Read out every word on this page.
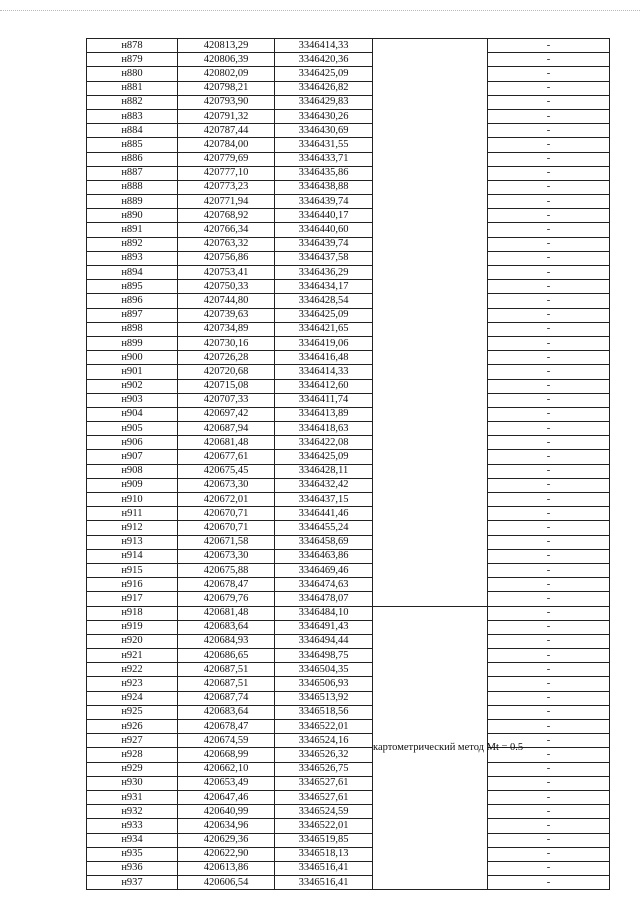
н878	420813,29	3346414,33		-
н879	420806,39	3346420,36		-
н880	420802,09	3346425,09		-
н881	420798,21	3346426,82		-
н882	420793,90	3346429,83		-
н883	420791,32	3346430,26		-
н884	420787,44	3346430,69		-
н885	420784,00	3346431,55		-
н886	420779,69	3346433,71		-
н887	420777,10	3346435,86		-
н888	420773,23	3346438,88		-
н889	420771,94	3346439,74		-
н890	420768,92	3346440,17		-
н891	420766,34	3346440,60		-
н892	420763,32	3346439,74		-
н893	420756,86	3346437,58		-
н894	420753,41	3346436,29		-
н895	420750,33	3346434,17		-
н896	420744,80	3346428,54		-
н897	420739,63	3346425,09		-
н898	420734,89	3346421,65		-
н899	420730,16	3346419,06		-
н900	420726,28	3346416,48		-
н901	420720,68	3346414,33		-
н902	420715,08	3346412,60		-
н903	420707,33	3346411,74		-
н904	420697,42	3346413,89		-
н905	420687,94	3346418,63		-
н906	420681,48	3346422,08		-
н907	420677,61	3346425,09		-
н908	420675,45	3346428,11		-
н909	420673,30	3346432,42		-
н910	420672,01	3346437,15		-
н911	420670,71	3346441,46		-
н912	420670,71	3346455,24		-
н913	420671,58	3346458,69		-
н914	420673,30	3346463,86		-
н915	420675,88	3346469,46		-
н916	420678,47	3346474,63		-
н917	420679,76	3346478,07		-
н918	420681,48	3346484,10	картометрический метод Mt = 0.5	-
н919	420683,64	3346491,43		-
н920	420684,93	3346494,44		-
н921	420686,65	3346498,75		-
н922	420687,51	3346504,35		-
н923	420687,51	3346506,93		-
н924	420687,74	3346513,92		-
н925	420683,64	3346518,56		-
н926	420678,47	3346522,01		-
н927	420674,59	3346524,16		-
н928	420668,99	3346526,32		-
н929	420662,10	3346526,75		-
н930	420653,49	3346527,61		-
н931	420647,46	3346527,61		-
н932	420640,99	3346524,59		-
н933	420634,96	3346522,01		-
н934	420629,36	3346519,85		-
н935	420622,90	3346518,13		-
н936	420613,86	3346516,41		-
н937	420606,54	3346516,41		-
